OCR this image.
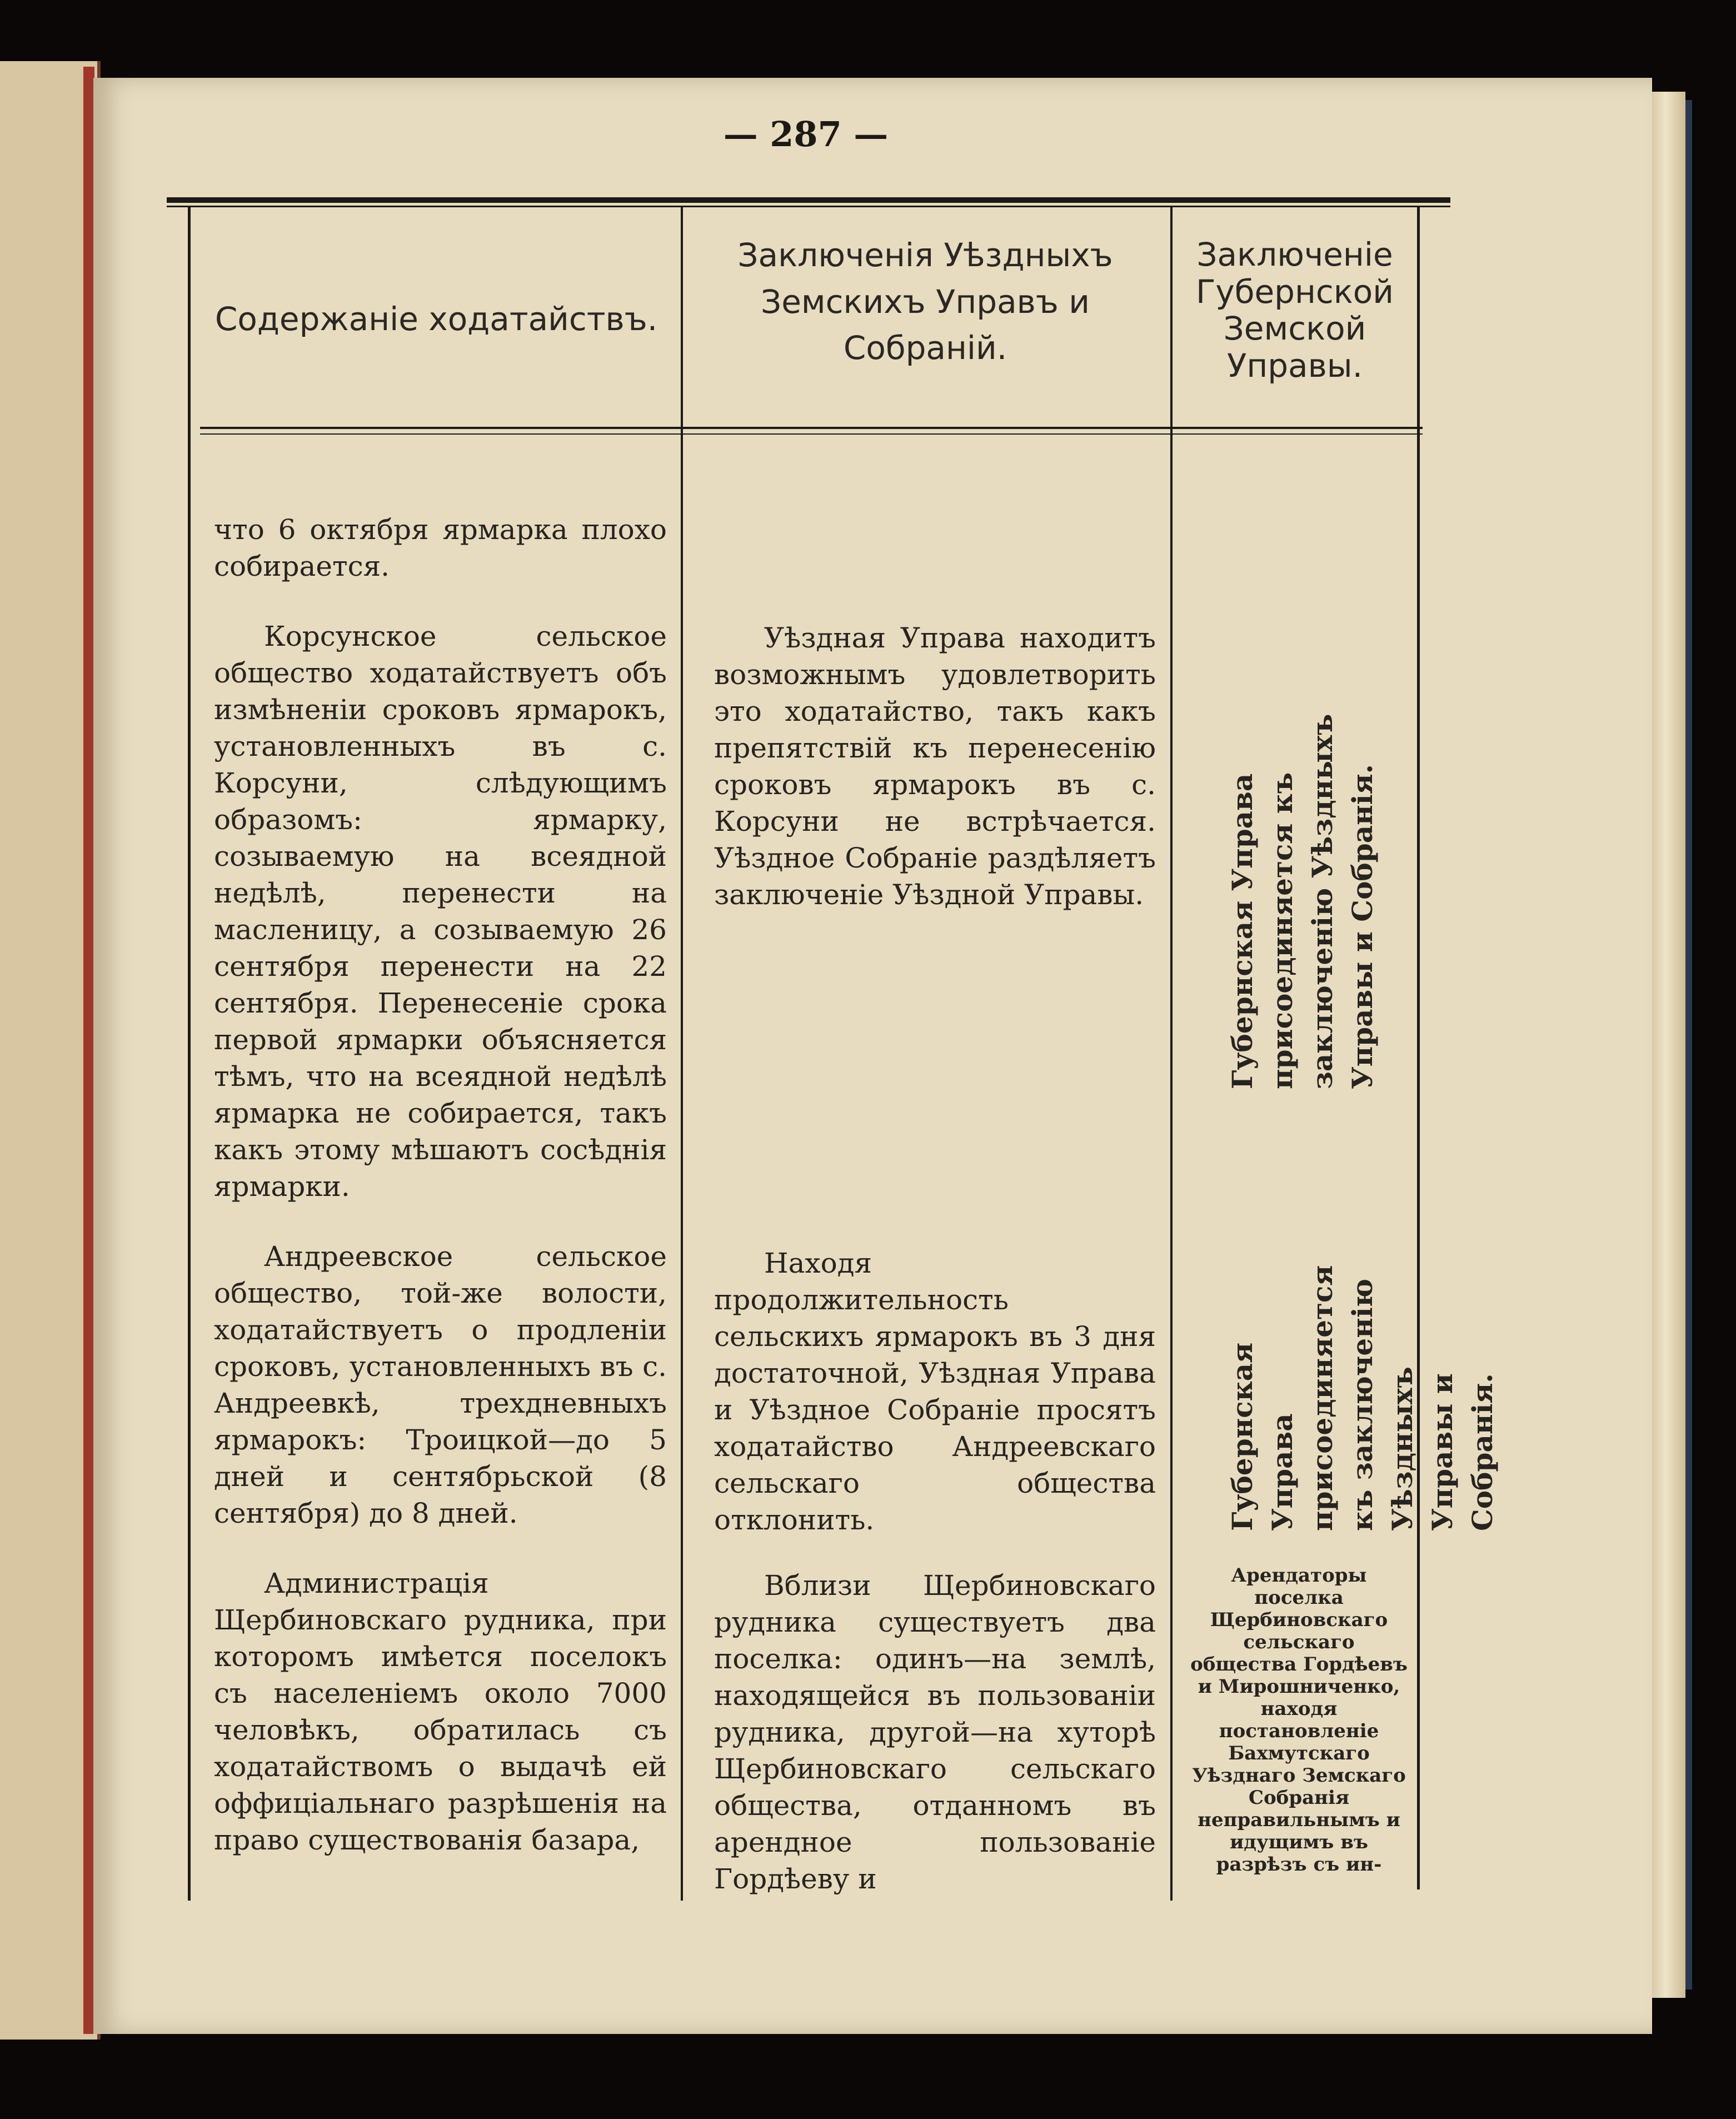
— 287 —
Содержаніе ходатайствъ.
Заключенія Уѣздныхъ
Земскихъ Управъ и
Собраній.
Заключеніе
Губернской
Земской
Управы.

что 6 октября ярмарка плохо собирается.

Корсунское сельское общество ходатайствуетъ объ измѣненіи сроковъ ярмарокъ, установленныхъ въ с. Корсуни, слѣдующимъ образомъ: ярмарку, созываемую на всеядной недѣлѣ, перенести на масленицу, а созываемую 26 сентября перенести на 22 сентября. Перенесеніе срока первой ярмарки объясняется тѣмъ, что на всеядной недѣлѣ ярмарка не собирается, такъ какъ этому мѣшаютъ сосѣднія ярмарки.

Андреевское сельское общество, той-же волости, ходатайствуетъ о продленіи сроковъ, установленныхъ въ с. Андреевкѣ, трехдневныхъ ярмарокъ: Троицкой—до 5 дней и сентябрьской (8 сентября) до 8 дней.

Администрація Щербиновскаго рудника, при которомъ имѣется поселокъ съ населеніемъ около 7000 человѣкъ, обратилась съ ходатайствомъ о выдачѣ ей оффиціальнаго разрѣшенія на право существованія базара,

Уѣздная Управа находитъ возможнымъ удовлетворить это ходатайство, такъ какъ препятствій къ перенесенію сроковъ ярмарокъ въ с. Корсуни не встрѣчается. Уѣздное Собраніе раздѣляетъ заключеніе Уѣздной Управы.

Находя продолжительность сельскихъ ярмарокъ въ 3 дня достаточной, Уѣздная Управа и Уѣздное Собраніе просятъ ходатайство Андреевскаго сельскаго общества отклонить.

Вблизи Щербиновскаго рудника существуетъ два поселка: одинъ—на землѣ, находящейся въ пользованіи рудника, другой—на хуторѣ Щербиновскаго сельскаго общества, отданномъ въ арендное пользованіе Гордѣеву и

Губернская Управа присоединяется къ заключенію Уѣздныхъ Управы и Собранія.
Губернская Управа присоединяется къ заключенію Уѣздныхъ Управы и Собранія.
Арендаторы поселка Щербиновскаго сельскаго общества Гордѣевъ и Мирошниченко, находя постановленіе Бахмутскаго Уѣзднаго Земскаго Собранія неправильнымъ и идущимъ въ разрѣзъ съ ин-
